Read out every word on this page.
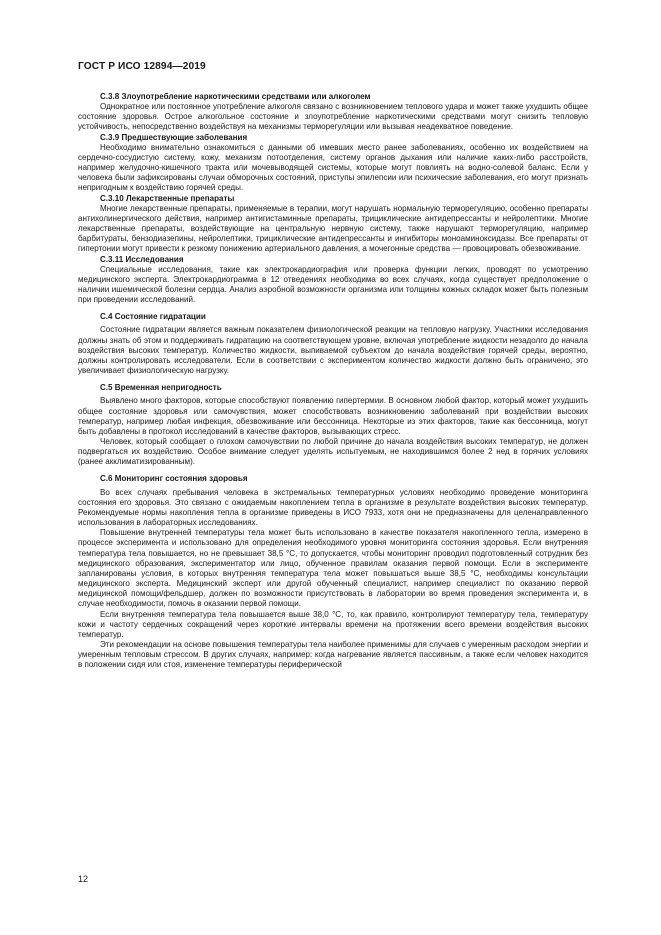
ГОСТ Р ИСО 12894—2019

С.3.8 Злоупотребление наркотическими средствами или алкоголем

Однократное или постоянное употребление алкоголя связано с возникновением теплового удара и может также ухудшить общее состояние здоровья. Острое алкогольное состояние и злоупотребление наркотическими средствами могут снизить тепловую устойчивость, непосредственно воздействуя на механизмы терморегуляции или вызывая неадекватное поведение.

С.3.9 Предшествующие заболевания

Необходимо внимательно ознакомиться с данными об имевших место ранее заболеваниях, особенно их воздействием на сердечно-сосудистую систему, кожу, механизм потоотделения, систему органов дыхания или наличие каких-либо расстройств, например желудочно-кишечного тракта или мочевыводящей системы, которые могут повлиять на водно-солевой баланс. Если у человека были зафиксированы случаи обморочных состояний, приступы эпилепсии или психические заболевания, его могут признать непригодным к воздействию горячей среды.

С.3.10 Лекарственные препараты

Многие лекарственные препараты, применяемые в терапии, могут нарушать нормальную терморегуляцию, особенно препараты антихолинергического действия, например антигистаминные препараты, трициклические антидепрессанты и нейролептики. Многие лекарственные препараты, воздействующие на центральную нервную систему, также нарушают терморегуляцию, например барбитураты, бензодиазепины, нейролептики, трициклические антидепрессанты и ингибиторы моноаминоксидазы. Все препараты от гипертонии могут привести к резкому понижению артериального давления, а мочегонные средства — провоцировать обезвоживание.

С.3.11 Исследования

Специальные исследования, такие как электрокардиография или проверка функции легких, проводят по усмотрению медицинского эксперта. Электрокардиограмма в 12 отведениях необходима во всех случаях, когда существует предположение о наличии ишемической болезни сердца. Анализ аэробной возможности организма или толщины кожных складок может быть полезным при проведении исследований.

С.4 Состояние гидратации

Состояние гидратации является важным показателем физиологической реакции на тепловую нагрузку. Участники исследования должны знать об этом и поддерживать гидратацию на соответствующем уровне, включая употребление жидкости незадолго до начала воздействия высоких температур. Количество жидкости, выпиваемой субъектом до начала воздействия горячей среды, вероятно, должны контролировать исследователи. Если в соответствии с экспериментом количество жидкости должно быть ограничено, это увеличивает физиологическую нагрузку.

С.5 Временная непригодность

Выявлено много факторов, которые способствуют появлению гипертермии. В основном любой фактор, который может ухудшить общее состояние здоровья или самочувствия, может способствовать возникновению заболеваний при воздействии высоких температур, например любая инфекция, обезвоживание или бессонница. Некоторые из этих факторов, такие как бессонница, могут быть добавлены в протокол исследований в качестве факторов, вызывающих стресс.

Человек, который сообщает о плохом самочувствии по любой причине до начала воздействия высоких температур, не должен подвергаться их воздействию. Особое внимание следует уделять испытуемым, не находившимся более 2 нед в горячих условиях (ранее акклиматизированным).

С.6 Мониторинг состояния здоровья

Во всех случаях пребывания человека в экстремальных температурных условиях необходимо проведение мониторинга состояния его здоровья. Это связано с ожидаемым накоплением тепла в организме в результате воздействия высоких температур. Рекомендуемые нормы накопления тепла в организме приведены в ИСО 7933, хотя они не предназначены для целенаправленного использования в лабораторных исследованиях.

Повышение внутренней температуры тела может быть использовано в качестве показателя накопленного тепла, измерено в процессе эксперимента и использовано для определения необходимого уровня мониторинга состояния здоровья. Если внутренняя температура тела повышается, но не превышает 38,5 °С, то допускается, чтобы мониторинг проводил подготовленный сотрудник без медицинского образования, экспериментатор или лицо, обученное правилам оказания первой помощи. Если в эксперименте запланированы условия, в которых внутренняя температура тела может повышаться выше 38,5 °С, необходимы консультации медицинского эксперта. Медицинский эксперт или другой обученный специалист, например специалист по оказанию первой медицинской помощи/фельдшер, должен по возможности присутствовать в лаборатории во время проведения эксперимента и, в случае необходимости, помочь в оказании первой помощи.

Если внутренняя температура тела повышается выше 38,0 °С, то, как правило, контролируют температуру тела, температуру кожи и частоту сердечных сокращений через короткие интервалы времени на протяжении всего времени воздействия высоких температур.

Эти рекомендации на основе повышения температуры тела наиболее применимы для случаев с умеренным расходом энергии и умеренным тепловым стрессом. В других случаях, например: когда нагревание является пассивным, а также если человек находится в положении сидя или стоя, изменение температуры периферической

12
